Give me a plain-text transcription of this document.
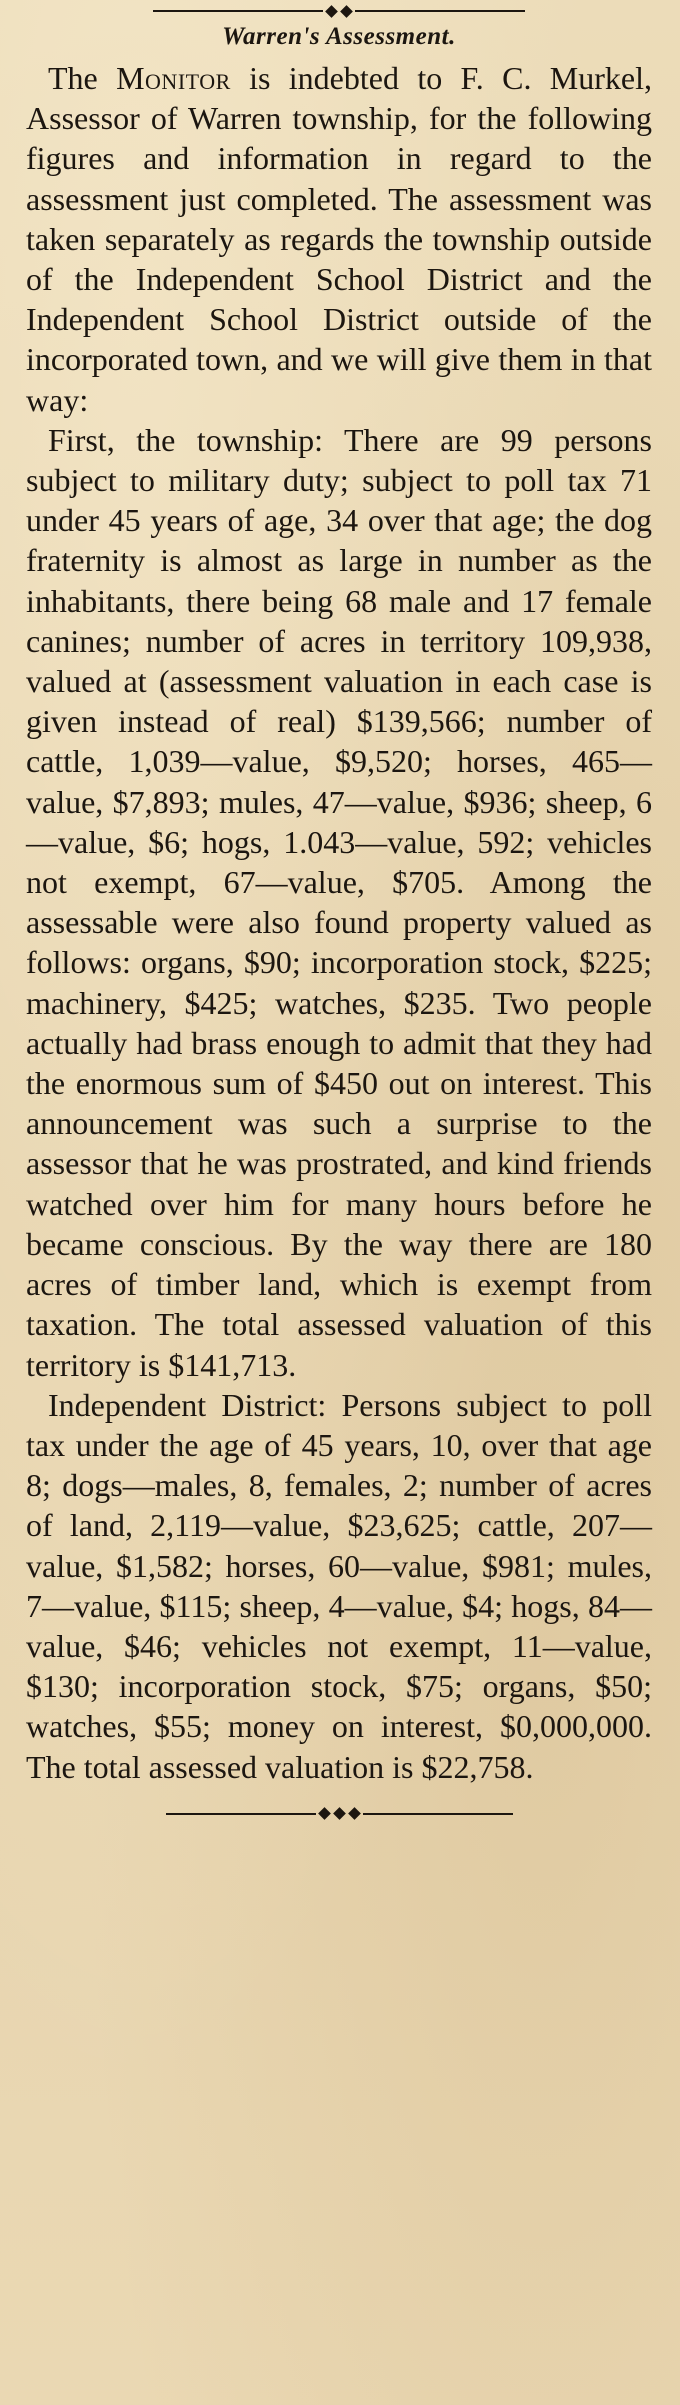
Warren's Assessment.

The Monitor is indebted to F. C. Murkel, Assessor of Warren township, for the following figures and information in regard to the assessment just completed. The assessment was taken separately as regards the township outside of the Independent School District and the Independent School District outside of the incorporated town, and we will give them in that way:

First, the township: There are 99 persons subject to military duty; subject to poll tax 71 under 45 years of age, 34 over that age; the dog fraternity is almost as large in number as the inhabitants, there being 68 male and 17 female canines; number of acres in territory 109,938, valued at (assessment valuation in each case is given instead of real) $139,566; number of cattle, 1,039—value, $9,520; horses, 465—value, $7,893; mules, 47—value, $936; sheep, 6—value, $6; hogs, 1.043—value, 592; vehicles not exempt, 67—value, $705. Among the assessable were also found property valued as follows: organs, $90; incorporation stock, $225; machinery, $425; watches, $235. Two people actually had brass enough to admit that they had the enormous sum of $450 out on interest. This announcement was such a surprise to the assessor that he was prostrated, and kind friends watched over him for many hours before he became conscious. By the way there are 180 acres of timber land, which is exempt from taxation. The total assessed valuation of this territory is $141,713.

Independent District: Persons subject to poll tax under the age of 45 years, 10, over that age 8; dogs—males, 8, females, 2; number of acres of land, 2,119—value, $23,625; cattle, 207—value, $1,582; horses, 60—value, $981; mules, 7—value, $115; sheep, 4—value, $4; hogs, 84—value, $46; vehicles not exempt, 11—value, $130; incorporation stock, $75; organs, $50; watches, $55; money on interest, $0,000,000. The total assessed valuation is $22,758.
